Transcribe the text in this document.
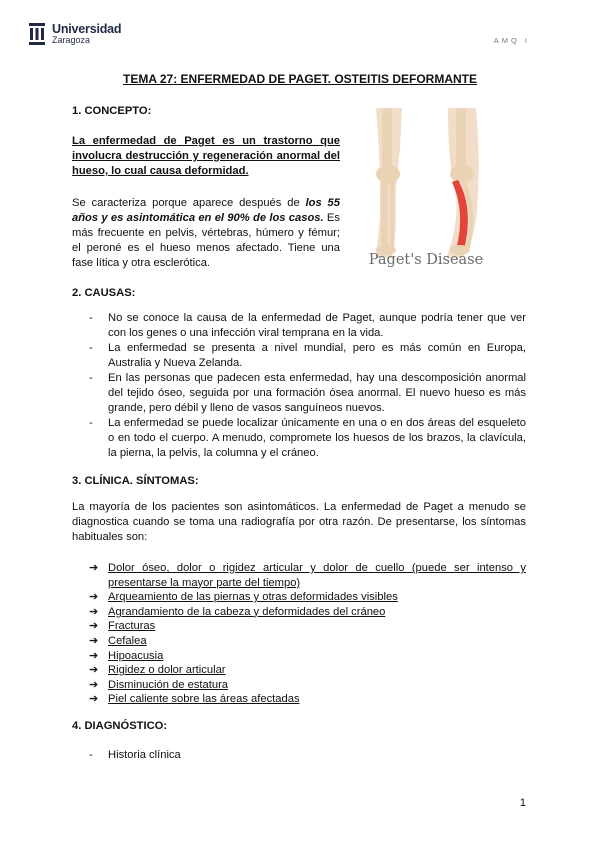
Universidad
Zaragoza	AMQ I
TEMA 27: ENFERMEDAD DE PAGET. OSTEITIS DEFORMANTE
1. CONCEPTO:
La enfermedad de Paget es un trastorno que involucra destrucción y regeneración anormal del hueso, lo cual causa deformidad.
Se caracteriza porque aparece después de los 55 años y es asintomática en el 90% de los casos. Es más frecuente en pelvis, vértebras, húmero y fémur; el peroné es el hueso menos afectado. Tiene una fase lítica y otra esclerótica.	Paget's Disease
2. CAUSAS:
- No se conoce la causa de la enfermedad de Paget, aunque podría tener que ver con los genes o una infección viral temprana en la vida.
- La enfermedad se presenta a nivel mundial, pero es más común en Europa, Australia y Nueva Zelanda.
- En las personas que padecen esta enfermedad, hay una descomposición anormal del tejido óseo, seguida por una formación ósea anormal. El nuevo hueso es más grande, pero débil y lleno de vasos sanguíneos nuevos.
- La enfermedad se puede localizar únicamente en una o en dos áreas del esqueleto o en todo el cuerpo. A menudo, compromete los huesos de los brazos, la clavícula, la pierna, la pelvis, la columna y el cráneo.
3. CLÍNICA. SÍNTOMAS:
La mayoría de los pacientes son asintomáticos. La enfermedad de Paget a menudo se diagnostica cuando se toma una radiografía por otra razón. De presentarse, los síntomas habituales son:
➔ Dolor óseo, dolor o rigidez articular y dolor de cuello (puede ser intenso y presentarse la mayor parte del tiempo)
➔ Arqueamiento de las piernas y otras deformidades visibles
➔ Agrandamiento de la cabeza y deformidades del cráneo
➔ Fracturas
➔ Cefalea
➔ Hipoacusia
➔ Rigidez o dolor articular
➔ Disminución de estatura
➔ Piel caliente sobre las áreas afectadas
4. DIAGNÓSTICO:
- Historia clínica
1
